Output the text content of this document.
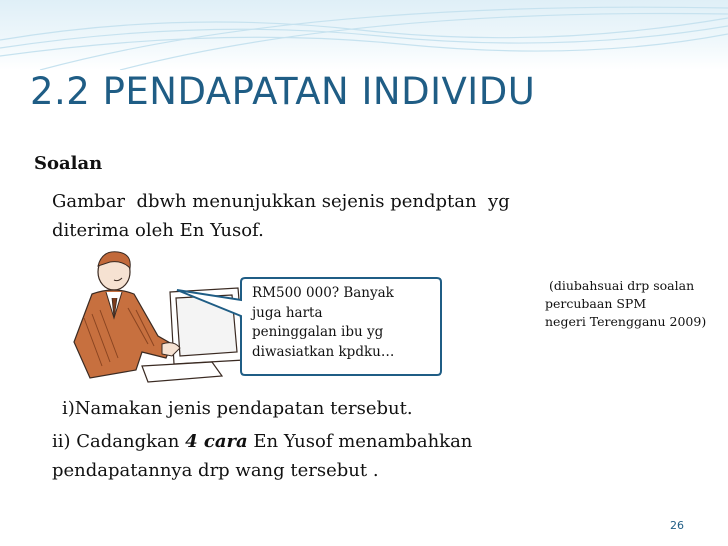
2.2 PENDAPATAN INDIVIDU
Soalan
Gambar  dbwh menunjukkan sejenis pendptan  yg
diterima oleh En Yusof.
RM500 000? Banyak
juga harta
peninggalan ibu yg
diwasiatkan kpdku…
(diubahsuai drp soalan
percubaan SPM
negeri Terengganu 2009)
i)Namakan jenis pendapatan tersebut.
ii) Cadangkan 4 cara En Yusof menambahkan
pendapatannya drp wang tersebut .
26
